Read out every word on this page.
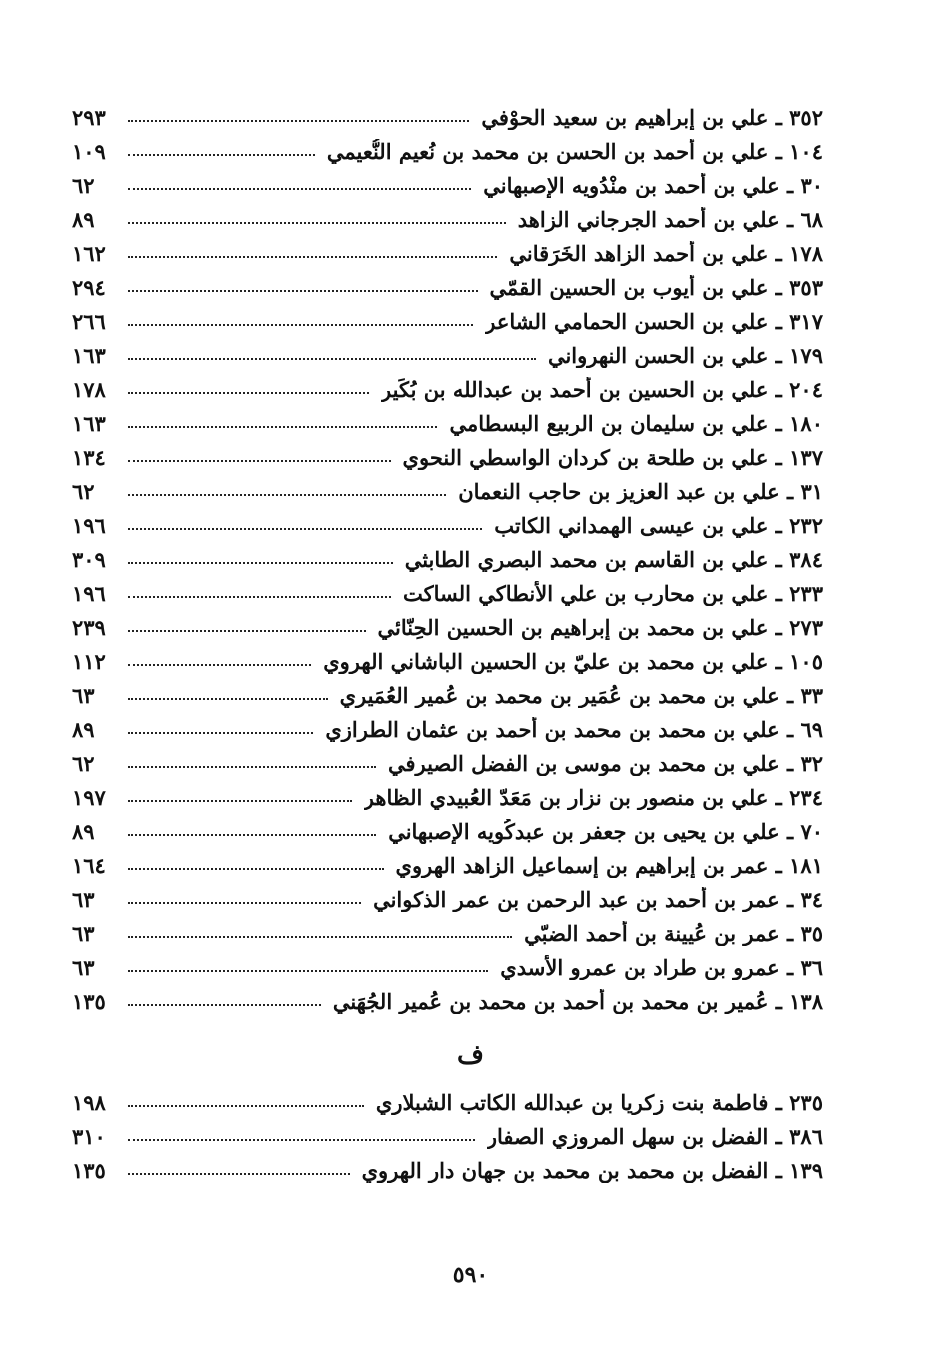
٣٥٢ ـ علي بن إبراهيم بن سعيد الحوْفي
٢٩٣
١٠٤ ـ علي بن أحمد بن الحسن بن محمد بن نُعيم النُّعيمي
١٠٩
٣٠ ـ علي بن أحمد بن منْدُويه الإصبهاني
٦٢
٦٨ ـ علي بن أحمد الجرجاني الزاهد
٨٩
١٧٨ ـ علي بن أحمد الزاهد الخَرَقاني
١٦٢
٣٥٣ ـ علي بن أيوب بن الحسين القمّي
٢٩٤
٣١٧ ـ علي بن الحسن الحمامي الشاعر
٢٦٦
١٧٩ ـ علي بن الحسن النهرواني
١٦٣
٢٠٤ ـ علي بن الحسين بن أحمد بن عبدالله بن بُكَير
١٧٨
١٨٠ ـ علي بن سليمان بن الربيع البسطامي
١٦٣
١٣٧ ـ علي بن طلحة بن كردان الواسطي النحوي
١٣٤
٣١ ـ علي بن عبد العزيز بن حاجب النعمان
٦٢
٢٣٢ ـ علي بن عيسى الهمداني الكاتب
١٩٦
٣٨٤ ـ علي بن القاسم بن محمد البصري الطابثي
٣٠٩
٢٣٣ ـ علي بن محارب بن علي الأنطاكي الساكت
١٩٦
٢٧٣ ـ علي بن محمد بن إبراهيم بن الحسين الحِنّائي
٢٣٩
١٠٥ ـ علي بن محمد بن عليّ بن الحسين الباشاني الهروي
١١٢
٣٣ ـ علي بن محمد بن عُمَير بن محمد بن عُمير العُمَيري
٦٣
٦٩ ـ علي بن محمد بن محمد بن أحمد بن عثمان الطرازي
٨٩
٣٢ ـ علي بن محمد بن موسى بن الفضل الصيرفي
٦٢
٢٣٤ ـ علي بن منصور بن نزار بن مَعَدّ العُبيدي الظاهر
١٩٧
٧٠ ـ علي بن يحيى بن جعفر بن عبدكُويه الإصبهاني
٨٩
١٨١ ـ عمر بن إبراهيم بن إسماعيل الزاهد الهروي
١٦٤
٣٤ ـ عمر بن أحمد بن عبد الرحمن بن عمر الذكواني
٦٣
٣٥ ـ عمر بن عُيينة بن أحمد الضبّي
٦٣
٣٦ ـ عمرو بن طراد بن عمرو الأسدي
٦٣
١٣٨ ـ عُمير بن محمد بن أحمد بن محمد بن عُمير الجُهَني
١٣٥
ف
٢٣٥ ـ فاطمة بنت زكريا بن عبدالله الكاتب الشبلاري
١٩٨
٣٨٦ ـ الفضل بن سهل المروزي الصفار
٣١٠
١٣٩ ـ الفضل بن محمد بن محمد بن جهان دار الهروي
١٣٥
٥٩٠
